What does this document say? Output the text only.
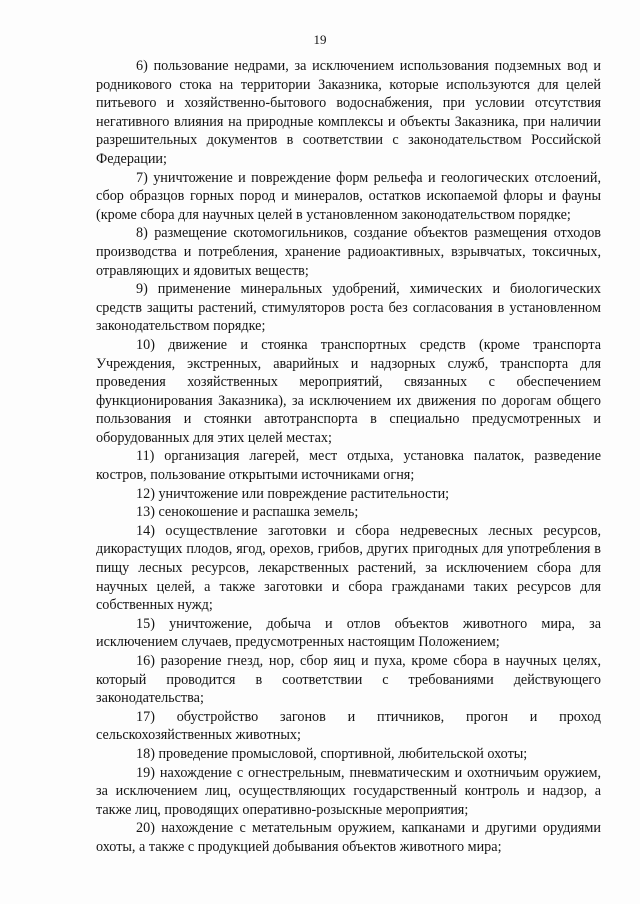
19

6) пользование недрами, за исключением использования подземных вод и родникового стока на территории Заказника, которые используются для целей питьевого и хозяйственно-бытового водоснабжения, при условии отсутствия негативного влияния на природные комплексы и объекты Заказника, при наличии разрешительных документов в соответствии с законодательством Российской Федерации;

7) уничтожение и повреждение форм рельефа и геологических отслоений, сбор образцов горных пород и минералов, остатков ископаемой флоры и фауны (кроме сбора для научных целей в установленном законодательством порядке;

8) размещение скотомогильников, создание объектов размещения отходов производства и потребления, хранение радиоактивных, взрывчатых, токсичных, отравляющих и ядовитых веществ;

9) применение минеральных удобрений, химических и биологических средств защиты растений, стимуляторов роста без согласования в установленном законодательством порядке;

10) движение и стоянка транспортных средств (кроме транспорта Учреждения, экстренных, аварийных и надзорных служб, транспорта для проведения хозяйственных мероприятий, связанных с обеспечением функционирования Заказника), за исключением их движения по дорогам общего пользования и стоянки автотранспорта в специально предусмотренных и оборудованных для этих целей местах;

11) организация лагерей, мест отдыха, установка палаток, разведение костров, пользование открытыми источниками огня;

12) уничтожение или повреждение растительности;

13) сенокошение и распашка земель;

14) осуществление заготовки и сбора недревесных лесных ресурсов, дикорастущих плодов, ягод, орехов, грибов, других пригодных для употребления в пищу лесных ресурсов, лекарственных растений, за исключением сбора для научных целей, а также заготовки и сбора гражданами таких ресурсов для собственных нужд;

15) уничтожение, добыча и отлов объектов животного мира, за исключением случаев, предусмотренных настоящим Положением;

16) разорение гнезд, нор, сбор яиц и пуха, кроме сбора в научных целях, который проводится в соответствии с требованиями действующего законодательства;

17) обустройство загонов и птичников, прогон и проход сельскохозяйственных животных;

18) проведение промысловой, спортивной, любительской охоты;

19) нахождение с огнестрельным, пневматическим и охотничьим оружием, за исключением лиц, осуществляющих государственный контроль и надзор, а также лиц, проводящих оперативно-розыскные мероприятия;

20) нахождение с метательным оружием, капканами и другими орудиями охоты, а также с продукцией добывания объектов животного мира;
